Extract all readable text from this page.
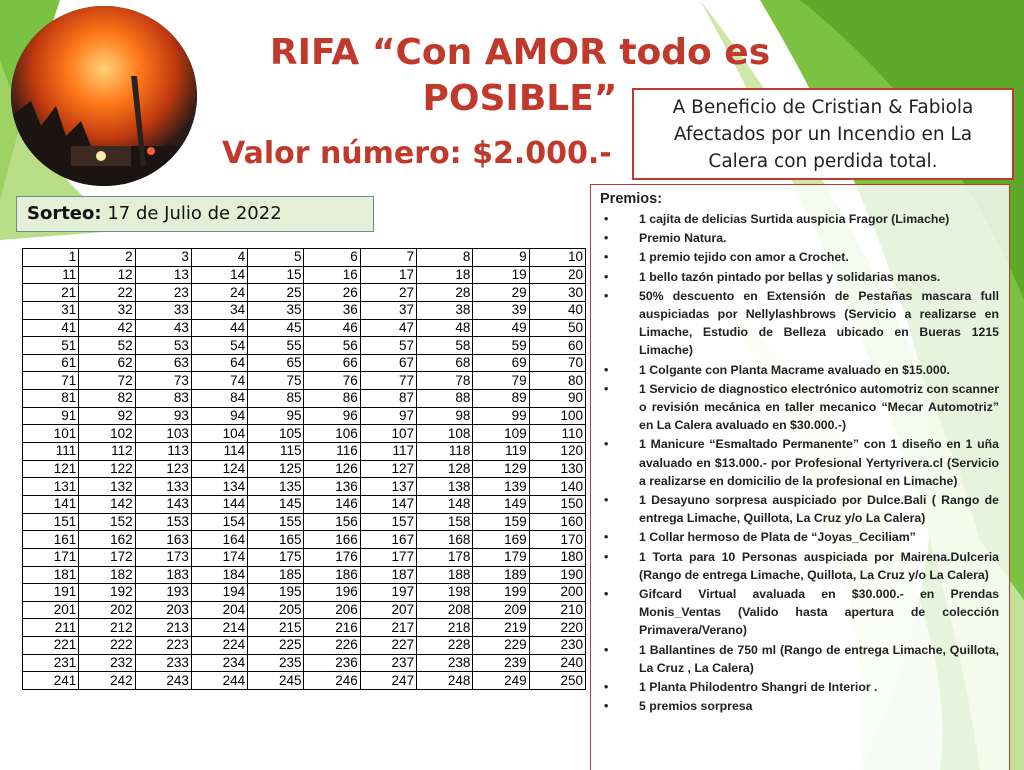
RIFA “Con AMOR todo es
POSIBLE”
Valor número: $2.000.-
A Beneficio de Cristian & Fabiola
Afectados por un Incendio en La
Calera con perdida total.
Sorteo: 17 de Julio de 2022
1	2	3	4	5	6	7	8	9	10
11	12	13	14	15	16	17	18	19	20
21	22	23	24	25	26	27	28	29	30
31	32	33	34	35	36	37	38	39	40
41	42	43	44	45	46	47	48	49	50
51	52	53	54	55	56	57	58	59	60
61	62	63	64	65	66	67	68	69	70
71	72	73	74	75	76	77	78	79	80
81	82	83	84	85	86	87	88	89	90
91	92	93	94	95	96	97	98	99	100
101	102	103	104	105	106	107	108	109	110
111	112	113	114	115	116	117	118	119	120
121	122	123	124	125	126	127	128	129	130
131	132	133	134	135	136	137	138	139	140
141	142	143	144	145	146	147	148	149	150
151	152	153	154	155	156	157	158	159	160
161	162	163	164	165	166	167	168	169	170
171	172	173	174	175	176	177	178	179	180
181	182	183	184	185	186	187	188	189	190
191	192	193	194	195	196	197	198	199	200
201	202	203	204	205	206	207	208	209	210
211	212	213	214	215	216	217	218	219	220
221	222	223	224	225	226	227	228	229	230
231	232	233	234	235	236	237	238	239	240
241	242	243	244	245	246	247	248	249	250
Premios:
• 1 cajita de delicias Surtida auspicia Fragor (Limache)
• Premio Natura.
• 1 premio tejido con amor a Crochet.
• 1 bello tazón pintado por bellas y solidarias manos.
• 50% descuento en Extensión de Pestañas mascara full auspiciadas por Nellylashbrows (Servicio a realizarse en Limache, Estudio de Belleza ubicado en Bueras 1215 Limache)
• 1 Colgante con Planta Macrame avaluado en $15.000.
• 1 Servicio de diagnostico electrónico automotriz con scanner o revisión mecánica en taller mecanico “Mecar Automotriz” en La Calera avaluado en $30.000.-)
• 1 Manicure “Esmaltado Permanente” con 1 diseño en 1 uña avaluado en $13.000.- por Profesional Yertyrivera.cl (Servicio a realizarse en domicilio de la profesional en Limache)
• 1 Desayuno sorpresa auspiciado por Dulce.Bali ( Rango de entrega Limache, Quillota, La Cruz y/o La Calera)
• 1 Collar hermoso de Plata de “Joyas_Ceciliam”
• 1 Torta para 10 Personas auspiciada por Mairena.Dulceria (Rango de entrega Limache, Quillota, La Cruz y/o La Calera)
• Gifcard Virtual avaluada en $30.000.- en Prendas Monis_Ventas (Valido hasta apertura de colección Primavera/Verano)
• 1 Ballantines de 750 ml (Rango de entrega Limache, Quillota, La Cruz , La Calera)
• 1 Planta Philodentro Shangri de Interior .
• 5 premios sorpresa
